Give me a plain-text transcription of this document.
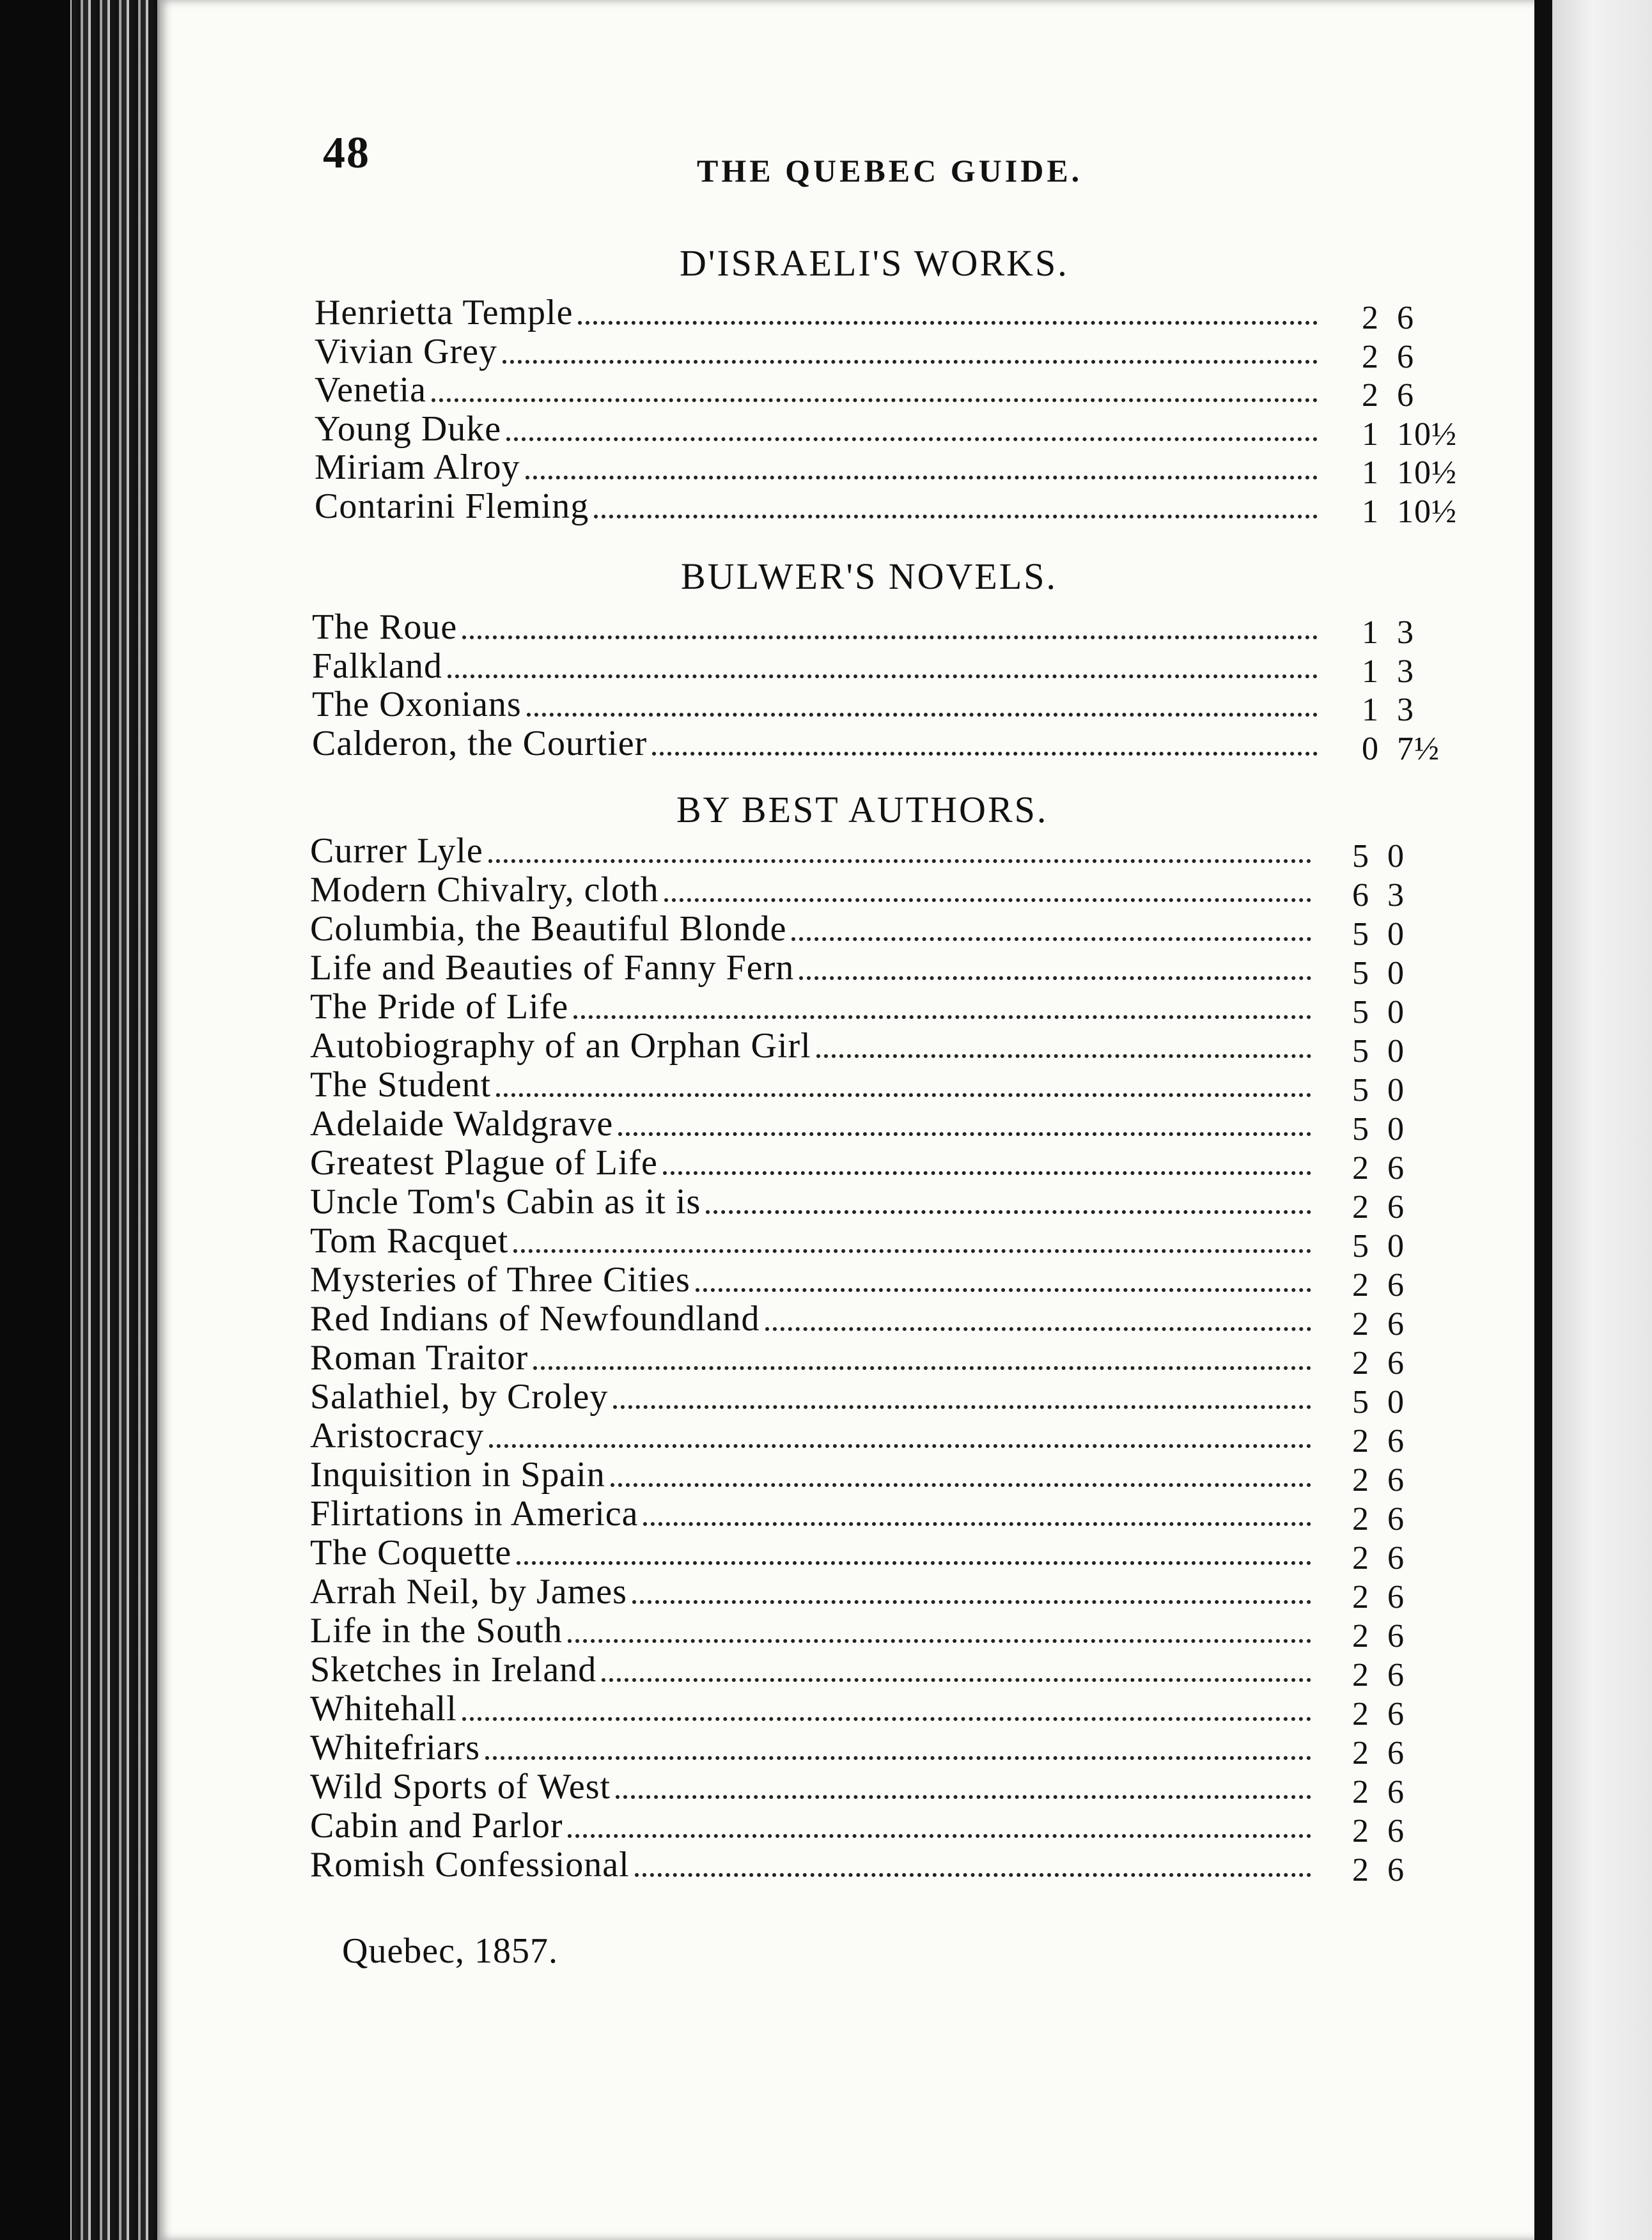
48	THE QUEBEC GUIDE.
D'ISRAELI'S WORKS.
Henrietta Temple	2  6
Vivian Grey	2  6
Venetia	2  6
Young Duke	1  10½
Miriam Alroy	1  10½
Contarini Fleming	1  10½
BULWER'S NOVELS.
The Roue	1  3
Falkland	1  3
The Oxonians	1  3
Calderon, the Courtier	0  7½
BY BEST AUTHORS.
Currer Lyle	5  0
Modern Chivalry, cloth	6  3
Columbia, the Beautiful Blonde	5  0
Life and Beauties of Fanny Fern	5  0
The Pride of Life	5  0
Autobiography of an Orphan Girl	5  0
The Student	5  0
Adelaide Waldgrave	5  0
Greatest Plague of Life	2  6
Uncle Tom's Cabin as it is	2  6
Tom Racquet	5  0
Mysteries of Three Cities	2  6
Red Indians of Newfoundland	2  6
Roman Traitor	2  6
Salathiel, by Croley	5  0
Aristocracy	2  6
Inquisition in Spain	2  6
Flirtations in America	2  6
The Coquette	2  6
Arrah Neil, by James	2  6
Life in the South	2  6
Sketches in Ireland	2  6
Whitehall	2  6
Whitefriars	2  6
Wild Sports of West	2  6
Cabin and Parlor	2  6
Romish Confessional	2  6
Quebec, 1857.
